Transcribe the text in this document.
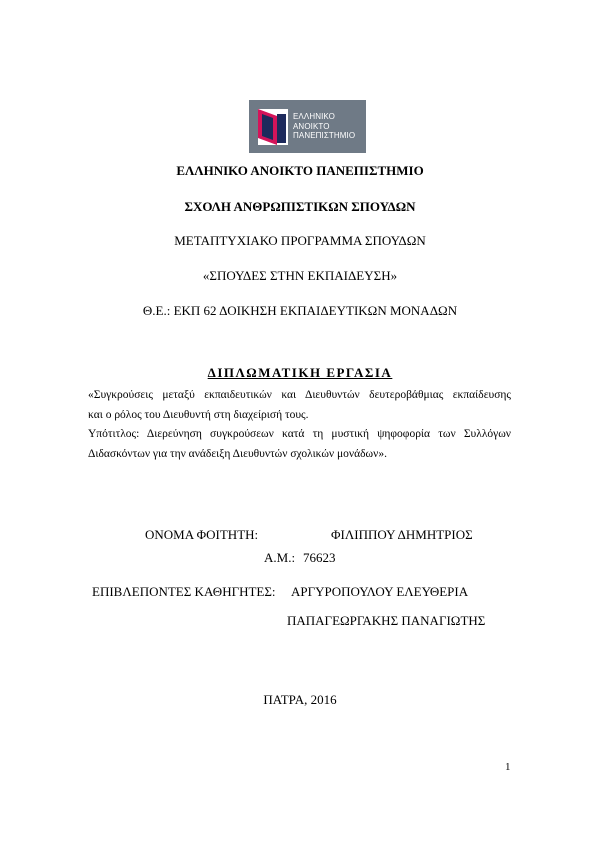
ΕΛΛΗΝΙΚΟ
ΑΝΟΙΚΤΟ
ΠΑΝΕΠΙΣΤΗΜΙΟ
ΕΛΛΗΝΙΚΟ ΑΝΟΙΚΤΟ ΠΑΝΕΠΙΣΤΗΜΙΟ
ΣΧΟΛΗ ΑΝΘΡΩΠΙΣΤΙΚΩΝ ΣΠΟΥΔΩΝ
ΜΕΤΑΠΤΥΧΙΑΚΟ ΠΡΟΓΡΑΜΜΑ ΣΠΟΥΔΩΝ
«ΣΠΟΥΔΕΣ ΣΤΗΝ ΕΚΠΑΙΔΕΥΣΗ»
Θ.Ε.: ΕΚΠ 62 ΔΟΙΚΗΣΗ ΕΚΠΑΙΔΕΥΤΙΚΩΝ ΜΟΝΑΔΩΝ
ΔΙΠΛΩΜΑΤΙΚΗ ΕΡΓΑΣΙΑ
«Συγκρούσεις μεταξύ εκπαιδευτικών και Διευθυντών δευτεροβάθμιας εκπαίδευσης
και ο ρόλος του Διευθυντή στη διαχείρισή τους.
Υπότιτλος: Διερεύνηση συγκρούσεων κατά τη μυστική ψηφοφορία των Συλλόγων
Διδασκόντων για την ανάδειξη Διευθυντών σχολικών μονάδων».
ΟΝΟΜΑ ΦΟΙΤΗΤΗ:	ΦΙΛΙΠΠΟΥ ΔΗΜΗΤΡΙΟΣ
Α.Μ.: 76623
ΕΠΙΒΛΕΠΟΝΤΕΣ ΚΑΘΗΓΗΤΕΣ: ΑΡΓΥΡΟΠΟΥΛΟΥ ΕΛΕΥΘΕΡΙΑ
ΠΑΠΑΓΕΩΡΓΑΚΗΣ ΠΑΝΑΓΙΩΤΗΣ
ΠΑΤΡΑ, 2016
1
